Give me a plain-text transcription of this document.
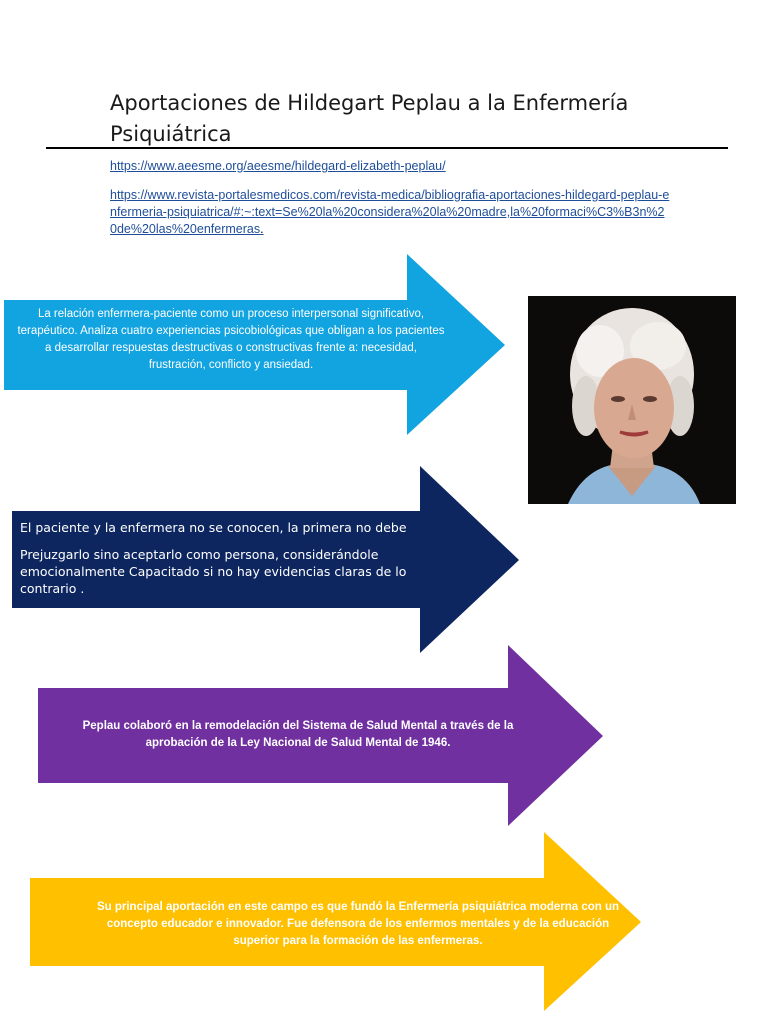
Aportaciones de Hildegart Peplau a la Enfermería Psiquiátrica
https://www.aeesme.org/aeesme/hildegard-elizabeth-peplau/
https://www.revista-portalesmedicos.com/revista-medica/bibliografia-aportaciones-hildegard-peplau-enfermeria-psiquiatrica/#:~:text=Se%20la%20considera%20la%20madre,la%20formaci%C3%B3n%20de%20las%20enfermeras.
La relación enfermera-paciente como un proceso interpersonal significativo, terapéutico. Analiza cuatro experiencias psicobiológicas que obligan a los pacientes a desarrollar respuestas destructivas o constructivas frente a: necesidad, frustración, conflicto y ansiedad.
El paciente y la enfermera no se conocen, la primera no debe
Prejuzgarlo sino aceptarlo como persona, considerándole emocionalmente Capacitado si no hay evidencias claras de lo contrario .
Peplau colaboró en la remodelación del Sistema de Salud Mental a través de la aprobación de la Ley Nacional de Salud Mental de 1946.
Su principal aportación en este campo es que fundó la Enfermería psiquiátrica moderna con un concepto educador e innovador. Fue defensora de los enfermos mentales y de la educación superior para la formación de las enfermeras.
